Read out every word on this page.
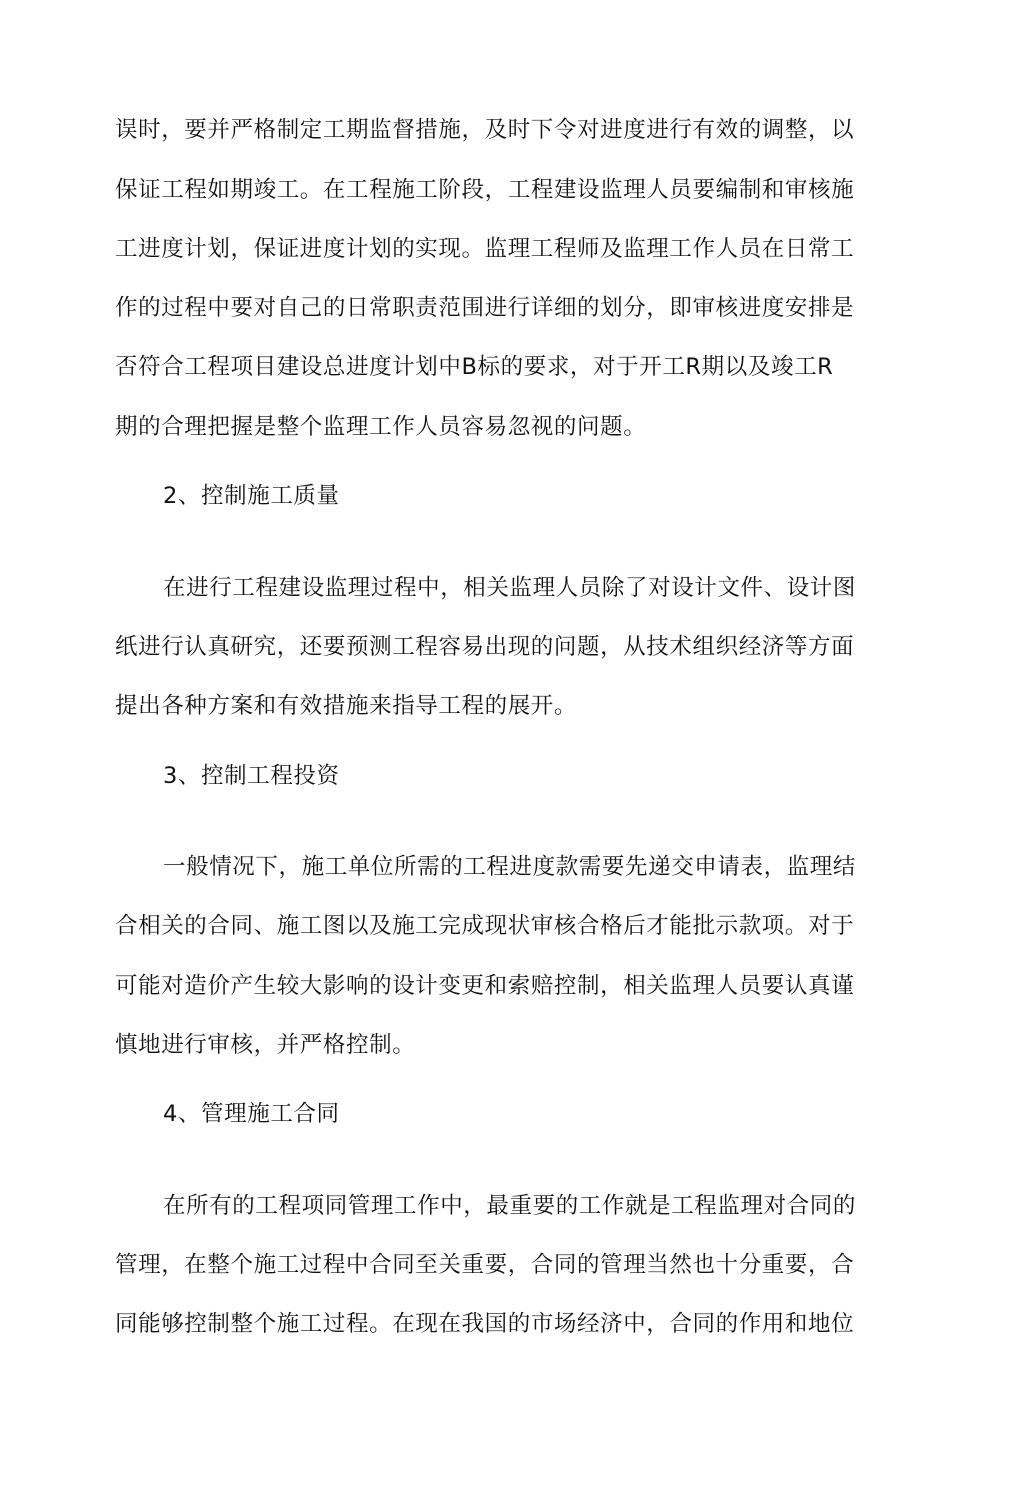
误时，要并严格制定工期监督措施，及时下令对进度进行有效的调整，以
保证工程如期竣工。在工程施工阶段，工程建设监理人员要编制和审核施
工进度计划，保证进度计划的实现。监理工程师及监理工作人员在日常工
作的过程中要对自己的日常职责范围进行详细的划分，即审核进度安排是
否符合工程项目建设总进度计划中B标的要求，对于开工R期以及竣工R
期的合理把握是整个监理工作人员容易忽视的问题。
2、控制施工质量
在进行工程建设监理过程中，相关监理人员除了对设计文件、设计图
纸进行认真研究，还要预测工程容易出现的问题，从技术组织经济等方面
提出各种方案和有效措施来指导工程的展开。
3、控制工程投资
一般情况下，施工单位所需的工程进度款需要先递交申请表，监理结
合相关的合同、施工图以及施工完成现状审核合格后才能批示款项。对于
可能对造价产生较大影响的设计变更和索赔控制，相关监理人员要认真谨
慎地进行审核，并严格控制。
4、管理施工合同
在所有的工程项同管理工作中，最重要的工作就是工程监理对合同的
管理，在整个施工过程中合同至关重要，合同的管理当然也十分重要，合
同能够控制整个施工过程。在现在我国的市场经济中，合同的作用和地位
